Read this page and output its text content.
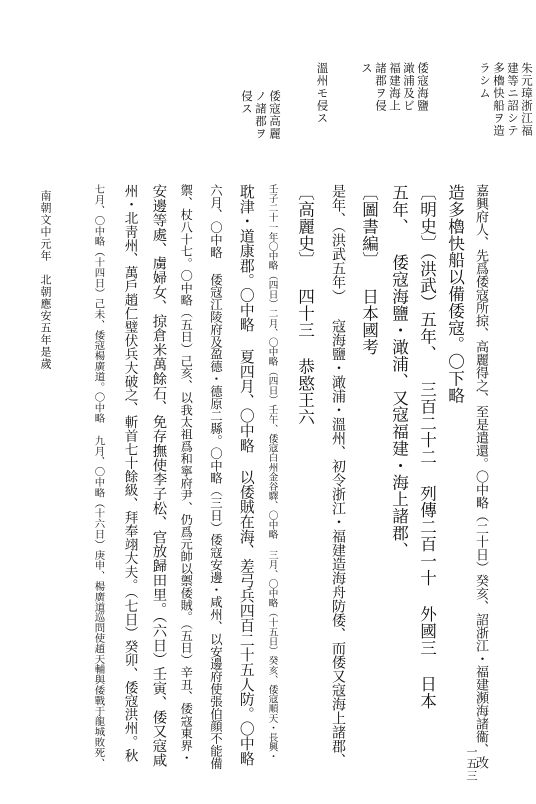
朱元璋浙江福建等ニ詔シテ多櫓快船ヲ造ラシム
倭寇海鹽澉浦及ビ福建海上諸郡ヲ侵ス
溫州モ侵ス
倭寇高麗ノ諸郡ヲ侵ス
嘉興府人、先爲倭寇所掠、高麗得之、至是遣還。〇中略（二十日）癸亥、詔浙江・福建瀕海諸衞、改
造多櫓快船以備倭寇。〇下略
〔明史〕（洪武）五年、 三百二十二 列傳二百一十 外國三 日本
五年、 倭寇海鹽・澉浦、又寇福建・海上諸郡、
〔圖書編〕 日本國考
是年、（洪武五年） 寇海鹽・澉浦・溫州、初令浙江・福建造海舟防倭、而倭又寇海上諸郡、
〔高麗史〕 四十三 恭愍王六
壬子二十一年〇中略（四日）二月、〇中略（四日）壬午、倭寇白州金谷驛、〇中略 三月、〇中略（十五日）癸亥、倭寇順天・長興・
耽津・道康郡。〇中略 夏四月、〇中略 以倭賊在海、差弓兵四百二十五人防。〇中略
六月、〇中略 倭寇江陵府及盈德・德原二縣。〇中略（三日）倭寇安邊・咸州、以安邊府使張伯顔不能備
禦、杖八十七。〇中略（五日）己亥、以我太祖爲和寧府尹、仍爲元帥以禦倭賊。（五日）辛丑、倭寇東界・
安邊等處、虜婦女、掠倉米萬餘石、免存撫使李子松、官放歸田里。（六日）壬寅、倭又寇咸
州・北靑州、萬戶趙仁璧伏兵大破之、斬首七十餘級、拜奉翊大夫。（七日）癸卯、倭寇洪州。秋
七月、〇中略（十四日）己未、倭寇楊廣道。〇中略 九月、〇中略（十六日）庚申、楊廣道巡問使趙天輔與倭戰于龍城敗死、
南朝文中元年　北朝應安五年是歲
一五三
